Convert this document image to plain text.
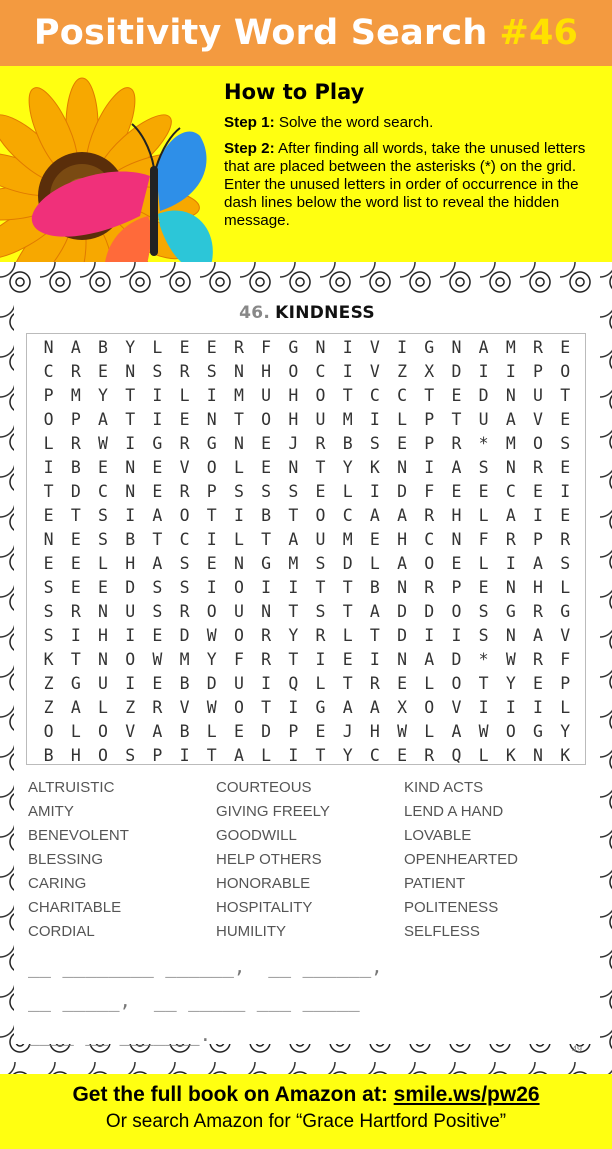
Positivity Word Search #46
How to Play
Step 1: Solve the word search.
Step 2: After finding all words, take the unused letters that are placed between the asterisks (*) on the grid. Enter the unused letters in order of occurrence in the dash lines below the word list to reveal the hidden message.
46. KINDNESS
N	A	B	Y	L	E	E	R	F	G	N	I	V	I	G	N	A	M	R	E
C	R	E	N	S	R	S	N	H	O	C	I	V	Z	X	D	I	I	P	O
P	M	Y	T	I	L	I	M	U	H	O	T	C	C	T	E	D	N	U	T
O	P	A	T	I	E	N	T	O	H	U	M	I	L	P	T	U	A	V	E
L	R	W	I	G	R	G	N	E	J	R	B	S	E	P	R	*	M	O	S
I	B	E	N	E	V	O	L	E	N	T	Y	K	N	I	A	S	N	R	E
T	D	C	N	E	R	P	S	S	S	E	L	I	D	F	E	E	C	E	I
E	T	S	I	A	O	T	I	B	T	O	C	A	A	R	H	L	A	I	E
N	E	S	B	T	C	I	L	T	A	U	M	E	H	C	N	F	R	P	R
E	E	L	H	A	S	E	N	G	M	S	D	L	A	O	E	L	I	A	S
S	E	E	D	S	S	I	O	I	I	T	T	B	N	R	P	E	N	H	L
S	R	N	U	S	R	O	U	N	T	S	T	A	D	D	O	S	G	R	G
S	I	H	I	E	D	W	O	R	Y	R	L	T	D	I	I	S	N	A	V
K	T	N	O	W	M	Y	F	R	T	I	E	I	N	A	D	*	W	R	F
Z	G	U	I	E	B	D	U	I	Q	L	T	R	E	L	O	T	Y	E	P
Z	A	L	Z	R	V	W	O	T	I	G	A	A	X	O	V	I	I	I	L
O	L	O	V	A	B	L	E	D	P	E	J	H	W	L	A	W	O	G	Y
B	H	O	S	P	I	T	A	L	I	T	Y	C	E	R	Q	L	K	N	K
ALTRUISTIC	COURTEOUS	KIND ACTS
AMITY	GIVING FREELY	LEND A HAND
BENEVOLENT	GOODWILL	LOVABLE
BLESSING	HELP OTHERS	OPENHEARTED
CARING	HONORABLE	PATIENT
CHARITABLE	HOSPITALITY	POLITENESS
CORDIAL	HUMILITY	SELFLESS
__ ________ ______,  __ ______,
__ _____,  __ _____ ___ _____
____ __ _______.
49
Get the full book on Amazon at: smile.ws/pw26
Or search Amazon for “Grace Hartford Positive”
